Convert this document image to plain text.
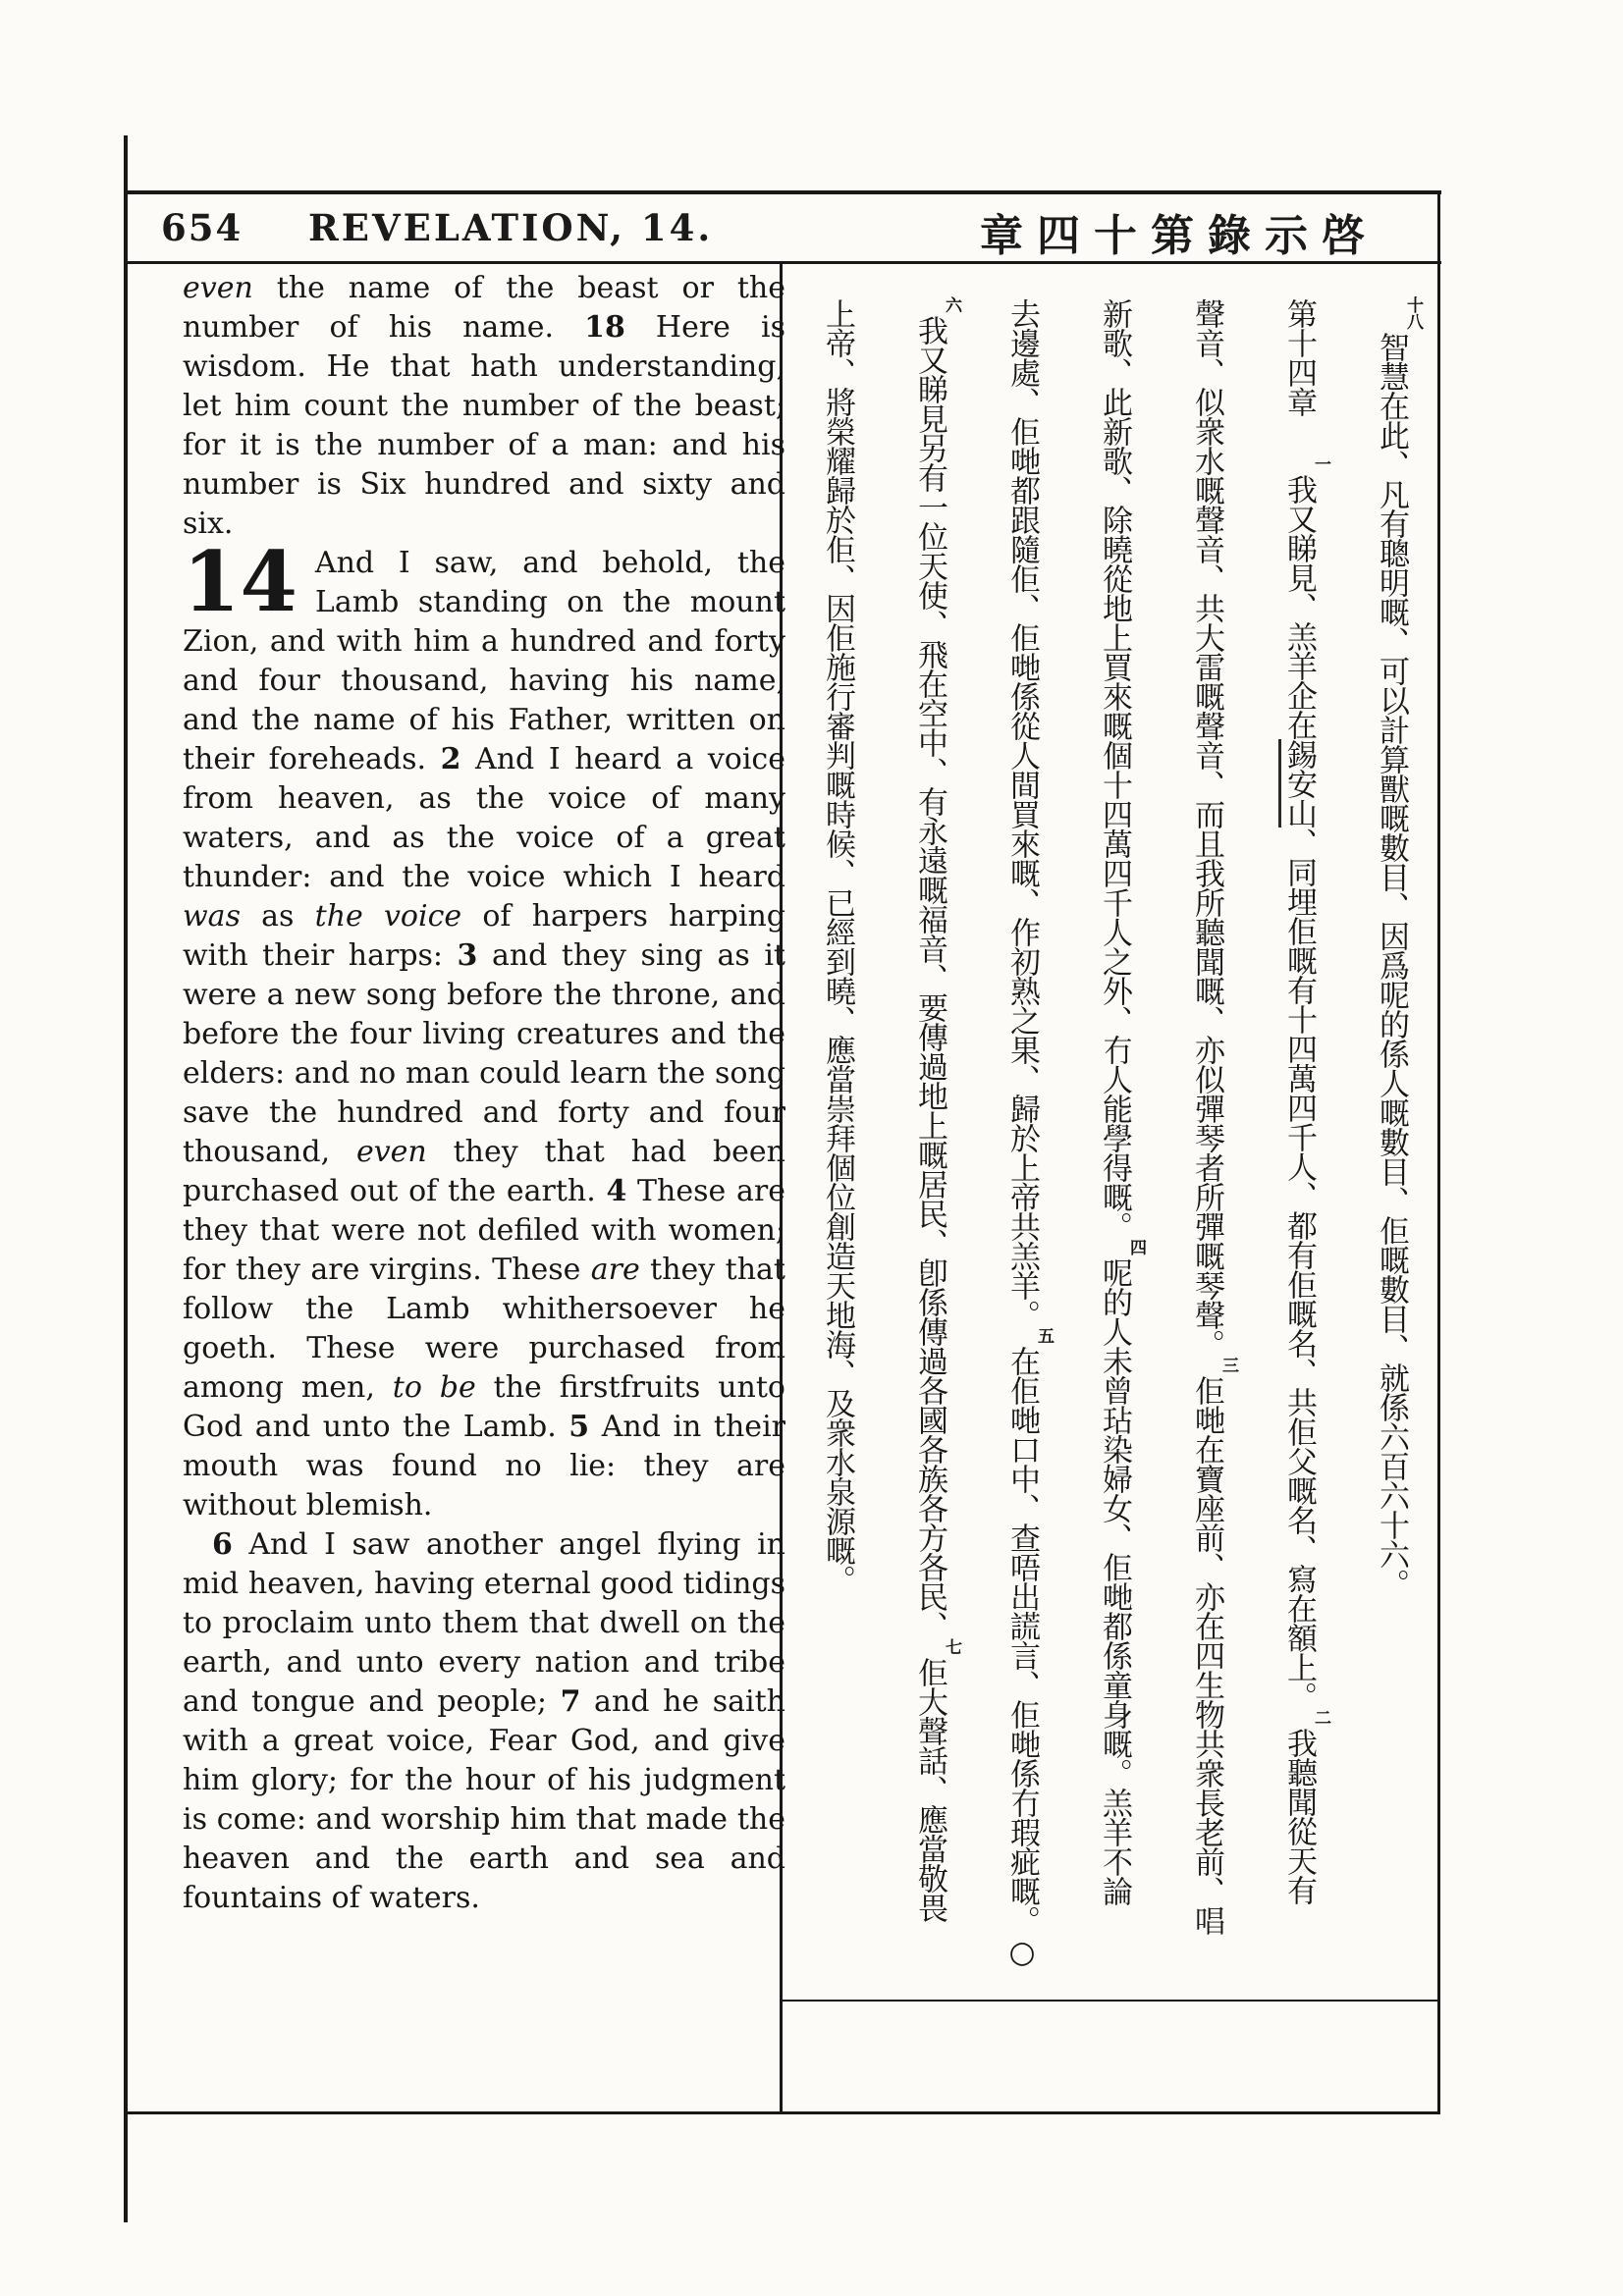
654 REVELATION, 14.	章四十第錄示啓

even the name of the beast or the number of his name. 18 Here is wisdom. He that hath understanding, let him count the number of the beast; for it is the number of a man: and his number is Six hundred and sixty and six.

14 And I saw, and behold, the Lamb standing on the mount Zion, and with him a hundred and forty and four thousand, having his name, and the name of his Father, written on their foreheads. 2 And I heard a voice from heaven, as the voice of many waters, and as the voice of a great thunder: and the voice which I heard was as the voice of harpers harping with their harps: 3 and they sing as it were a new song before the throne, and before the four living creatures and the elders: and no man could learn the song save the hundred and forty and four thousand, even they that had been purchased out of the earth. 4 These are they that were not defiled with women; for they are virgins. These are they that follow the Lamb whithersoever he goeth. These were purchased from among men, to be the firstfruits unto God and unto the Lamb. 5 And in their mouth was found no lie: they are without blemish.

6 And I saw another angel flying in mid heaven, having eternal good tidings to proclaim unto them that dwell on the earth, and unto every nation and tribe and tongue and people; 7 and he saith with a great voice, Fear God, and give him glory; for the hour of his judgment is come: and worship him that made the heaven and the earth and sea and fountains of waters.

十八智慧在此、凡有聰明嘅、可以計算獸嘅數目、因爲呢的係人嘅數目、佢嘅數目、就係六百六十六。
第十四章一我又睇見、羔羊企在錫安山、同埋佢嘅有十四萬四千人、都有佢嘅名、共佢父嘅名、寫在額上。二我聽聞從天有
聲音、似衆水嘅聲音、共大雷嘅聲音、而且我所聽聞嘅、亦似彈琴者所彈嘅琴聲。三佢哋在寶座前、亦在四生物共衆長老前、唱
新歌、此新歌、除曉從地上買來嘅個十四萬四千人之外、冇人能學得嘅。四呢的人未曾玷染婦女、佢哋都係童身嘅。羔羊不論
去邊處、佢哋都跟隨佢、佢哋係從人間買來嘅、作初熟之果、歸於上帝共羔羊。五在佢哋口中、查唔出謊言、佢哋係冇瑕疵嘅。○
六我又睇見另有一位天使、飛在空中、有永遠嘅福音、要傳過地上嘅居民、卽係傳過各國各族各方各民、七佢大聲話、應當敬畏
上帝、將榮耀歸於佢、因佢施行審判嘅時候、已經到曉、應當崇拜個位創造天地海、及衆水泉源嘅。
